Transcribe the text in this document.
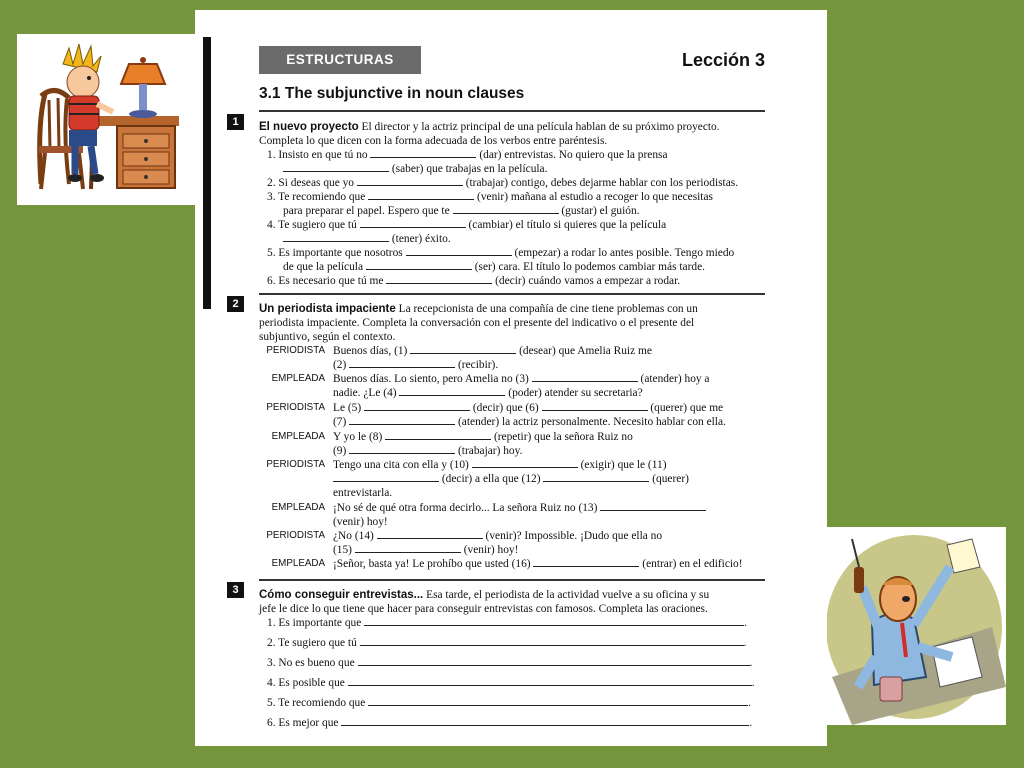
ESTRUCTURAS	Lección 3
3.1 The subjunctive in noun clauses
1	El nuevo proyecto El director y la actriz principal de una película hablan de su próximo proyecto.
Completa lo que dicen con la forma adecuada de los verbos entre paréntesis.
1. Insisto en que tú no	(dar) entrevistas. No quiero que la prensa
(saber) que trabajas en la película.
2. Si deseas que yo	(trabajar) contigo, debes dejarme hablar con los periodistas.
3. Te recomiendo que	(venir) mañana al estudio a recoger lo que necesitas
para preparar el papel. Espero que te	(gustar) el guión.
4. Te sugiero que tú	(cambiar) el título si quieres que la película
(tener) éxito.
5. Es importante que nosotros	(empezar) a rodar lo antes posible. Tengo miedo
de que la película	(ser) cara. El título lo podemos cambiar más tarde.
6. Es necesario que tú me	(decir) cuándo vamos a empezar a rodar.
2	Un periodista impaciente La recepcionista de una compañía de cine tiene problemas con un
periodista impaciente. Completa la conversación con el presente del indicativo o el presente del
subjuntivo, según el contexto.
PERIODISTA Buenos días, (1)	(desear) que Amelia Ruiz me
(2)	(recibir).
EMPLEADA Buenos días. Lo siento, pero Amelia no (3)	(atender) hoy a
nadie. ¿Le (4)	(poder) atender su secretaria?
PERIODISTA Le (5)	(decir) que (6)	(querer) que me
(7)	(atender) la actriz personalmente. Necesito hablar con ella.
EMPLEADA Y yo le (8)	(repetir) que la señora Ruiz no
(9)	(trabajar) hoy.
PERIODISTA Tengo una cita con ella y (10)	(exigir) que le (11)
(decir) a ella que (12)	(querer)
entrevistarla.
EMPLEADA ¡No sé de qué otra forma decirlo... La señora Ruiz no (13)
(venir) hoy!
PERIODISTA ¿No (14)	(venir)? Impossible. ¡Dudo que ella no
(15)	(venir) hoy!
EMPLEADA ¡Señor, basta ya! Le prohíbo que usted (16)	(entrar) en el edificio!
3	Cómo conseguir entrevistas... Esa tarde, el periodista de la actividad vuelve a su oficina y su
jefe le dice lo que tiene que hacer para conseguir entrevistas con famosos. Completa las oraciones.
1. Es importante que	.
2. Te sugiero que tú	.
3. No es bueno que	.
4. Es posible que	.
5. Te recomiendo que	.
6. Es mejor que	.
